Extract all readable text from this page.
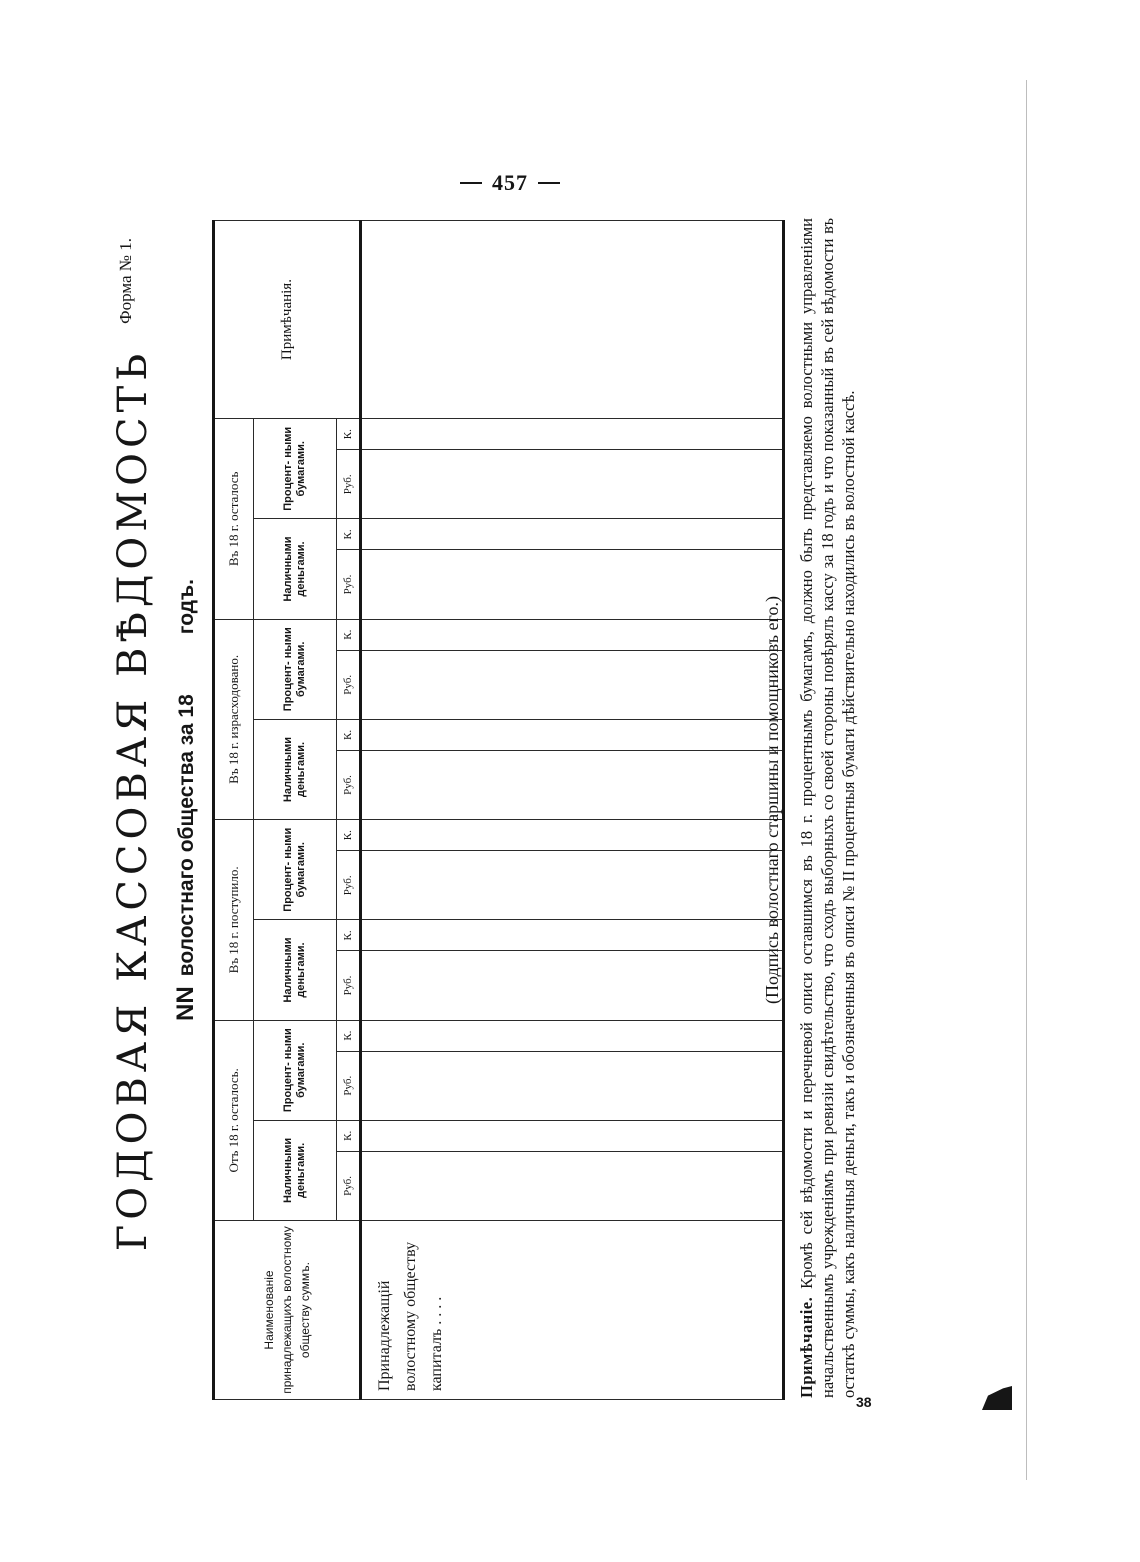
457
ГОДОВАЯ КАССОВАЯ ВѢДОМОСТЬ
Форма № 1.
NNволостнаго общества за 18годъ.
Наименованіе принадлежащихъ волостному обществу суммъ.	Отъ 18 г. осталось.				Въ 18 г. поступило.				Въ 18 г. израсходовано.				Въ 18 г. осталось				Примѣчанія.
	Наличными деньгами.		Процент- ными бумагами.		Наличными деньгами.		Процент- ными бумагами.		Наличными деньгами.		Процент- ными бумагами.		Наличными деньгами.		Процент- ными бумагами.		
	Руб.	К.	Руб.	К.	Руб.	К.	Руб.	К.	Руб.	К.	Руб.	К.	Руб.	К.	Руб.	К.	
Принадлежащій волостному обществу капиталъ . . . .																	
(Подпись волостнаго старшины и помощниковъ его.)
Примѣчаніе. Кромѣ сей вѣдомости и перечневой описи оставшимся въ 18 г. процентнымъ бумагамъ, должно быть представляемо волостными управленіями начальственнымъ учрежденіямъ при ревизіи свидѣтельство, что сходъ выборныхъ со своей стороны повѣрялъ кассу за 18 годъ и что показанный въ сей вѣдомости въ остаткѣ суммы, какъ наличныя деньги, такъ и обозначенныя въ описи № II процентныя бумаги дѣйствительно находились въ волостной кассѣ.
38
